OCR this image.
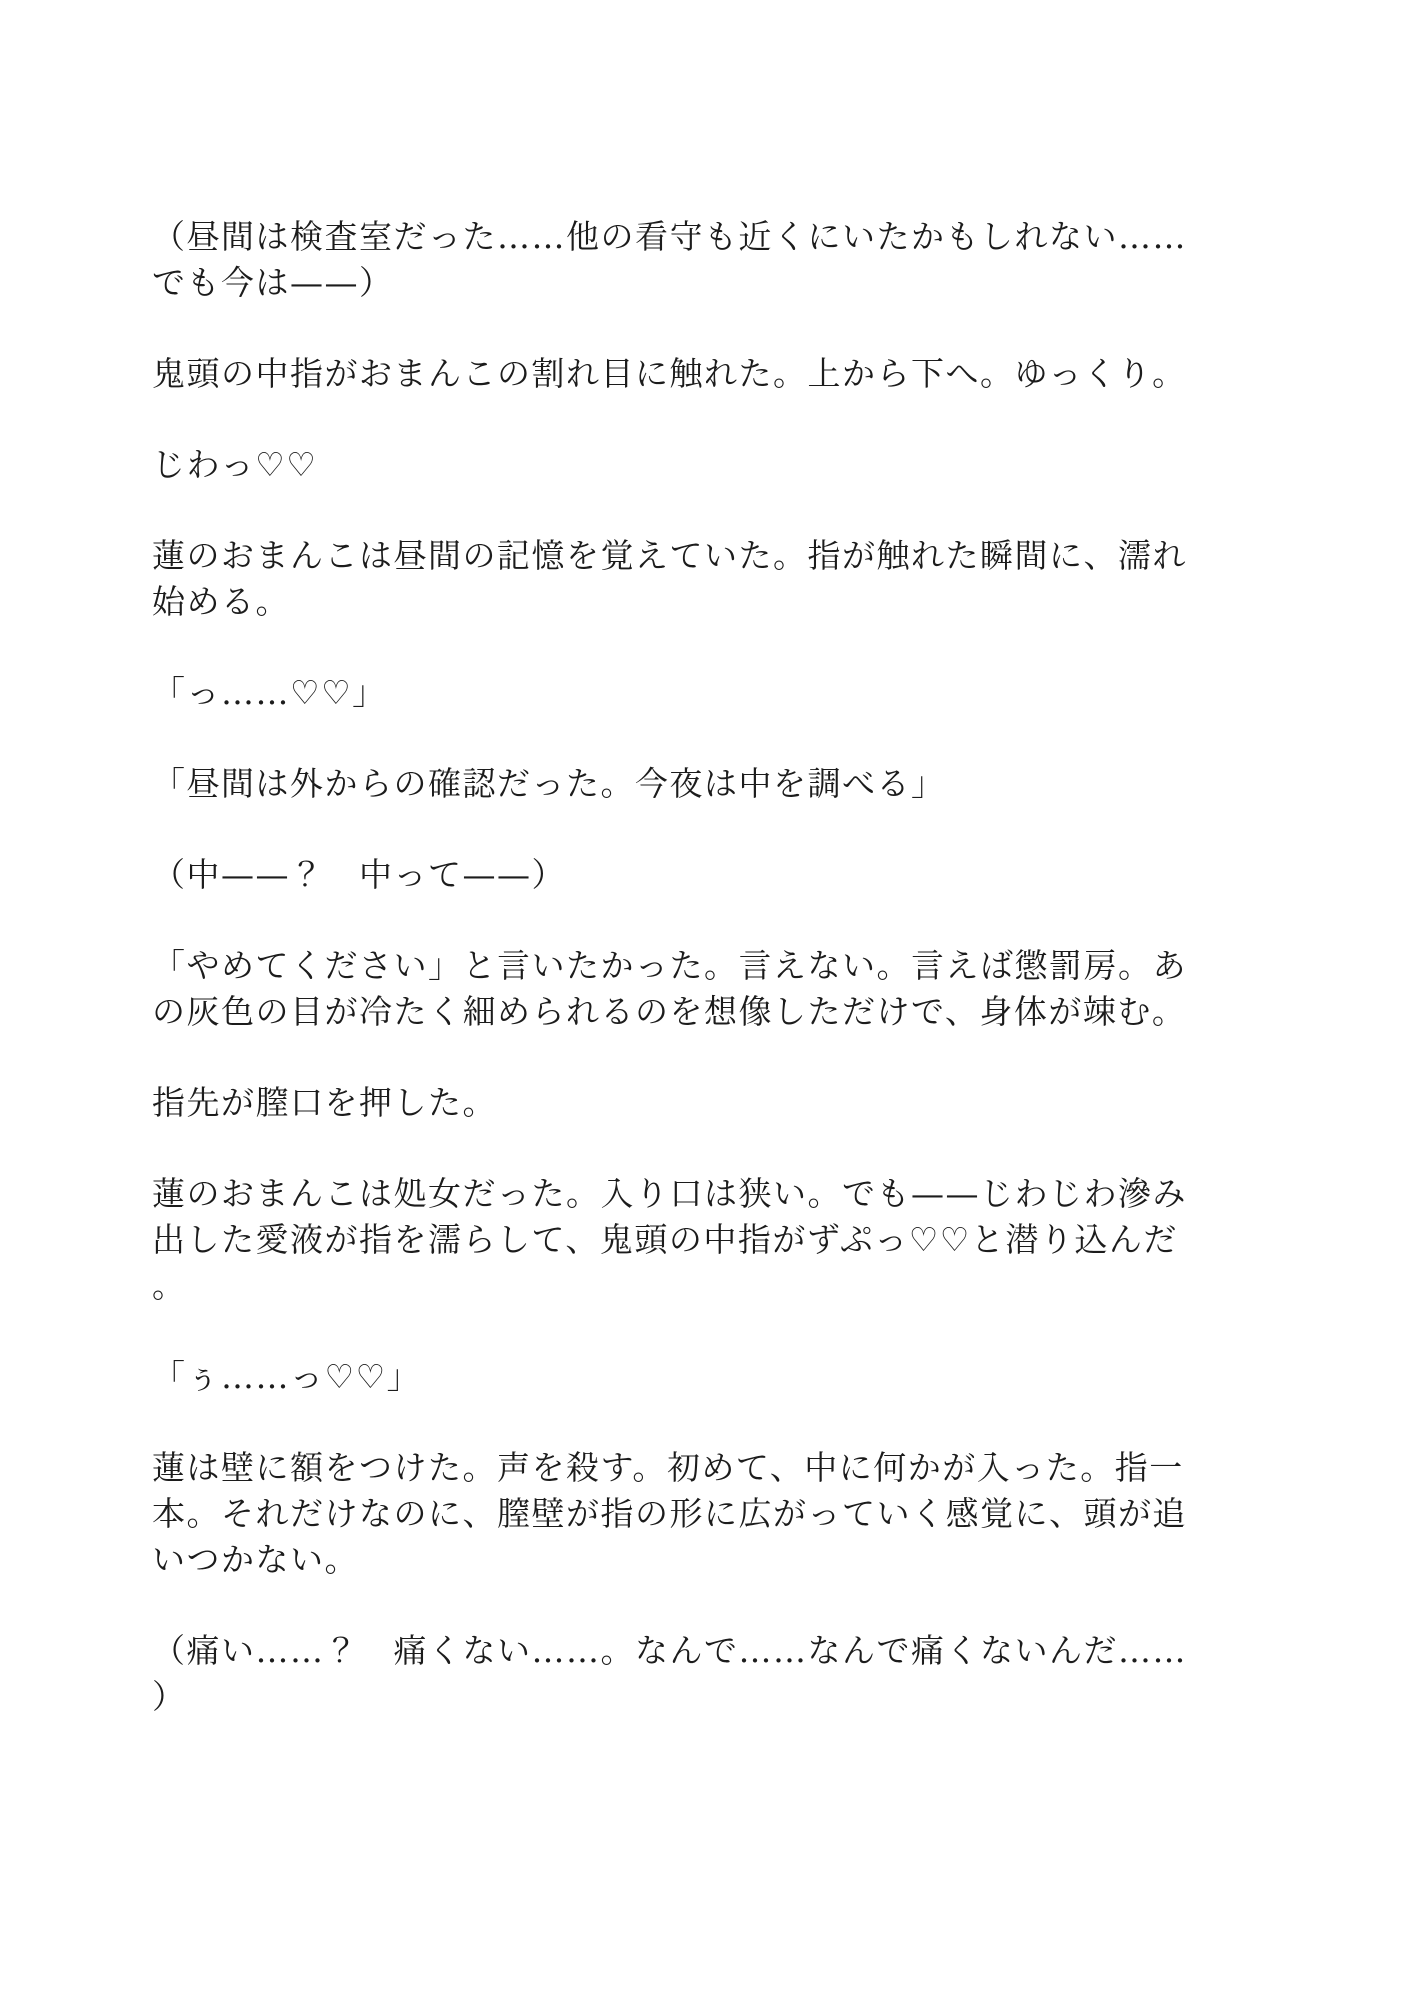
（昼間は検査室だった……他の看守も近くにいたかもしれない……
でも今は——）
鬼頭の中指がおまんこの割れ目に触れた。上から下へ。ゆっくり。
じわっ♡♡
蓮のおまんこは昼間の記憶を覚えていた。指が触れた瞬間に、濡れ
始める。
「っ……♡♡」
「昼間は外からの確認だった。今夜は中を調べる」
（中——？　中って——）
「やめてください」と言いたかった。言えない。言えば懲罰房。あ
の灰色の目が冷たく細められるのを想像しただけで、身体が竦む。
指先が膣口を押した。
蓮のおまんこは処女だった。入り口は狭い。でも——じわじわ滲み
出した愛液が指を濡らして、鬼頭の中指がずぷっ♡♡と潜り込んだ
。
「ぅ……っ♡♡」
蓮は壁に額をつけた。声を殺す。初めて、中に何かが入った。指一
本。それだけなのに、膣壁が指の形に広がっていく感覚に、頭が追
いつかない。
（痛い……？　痛くない……。なんで……なんで痛くないんだ……
）
